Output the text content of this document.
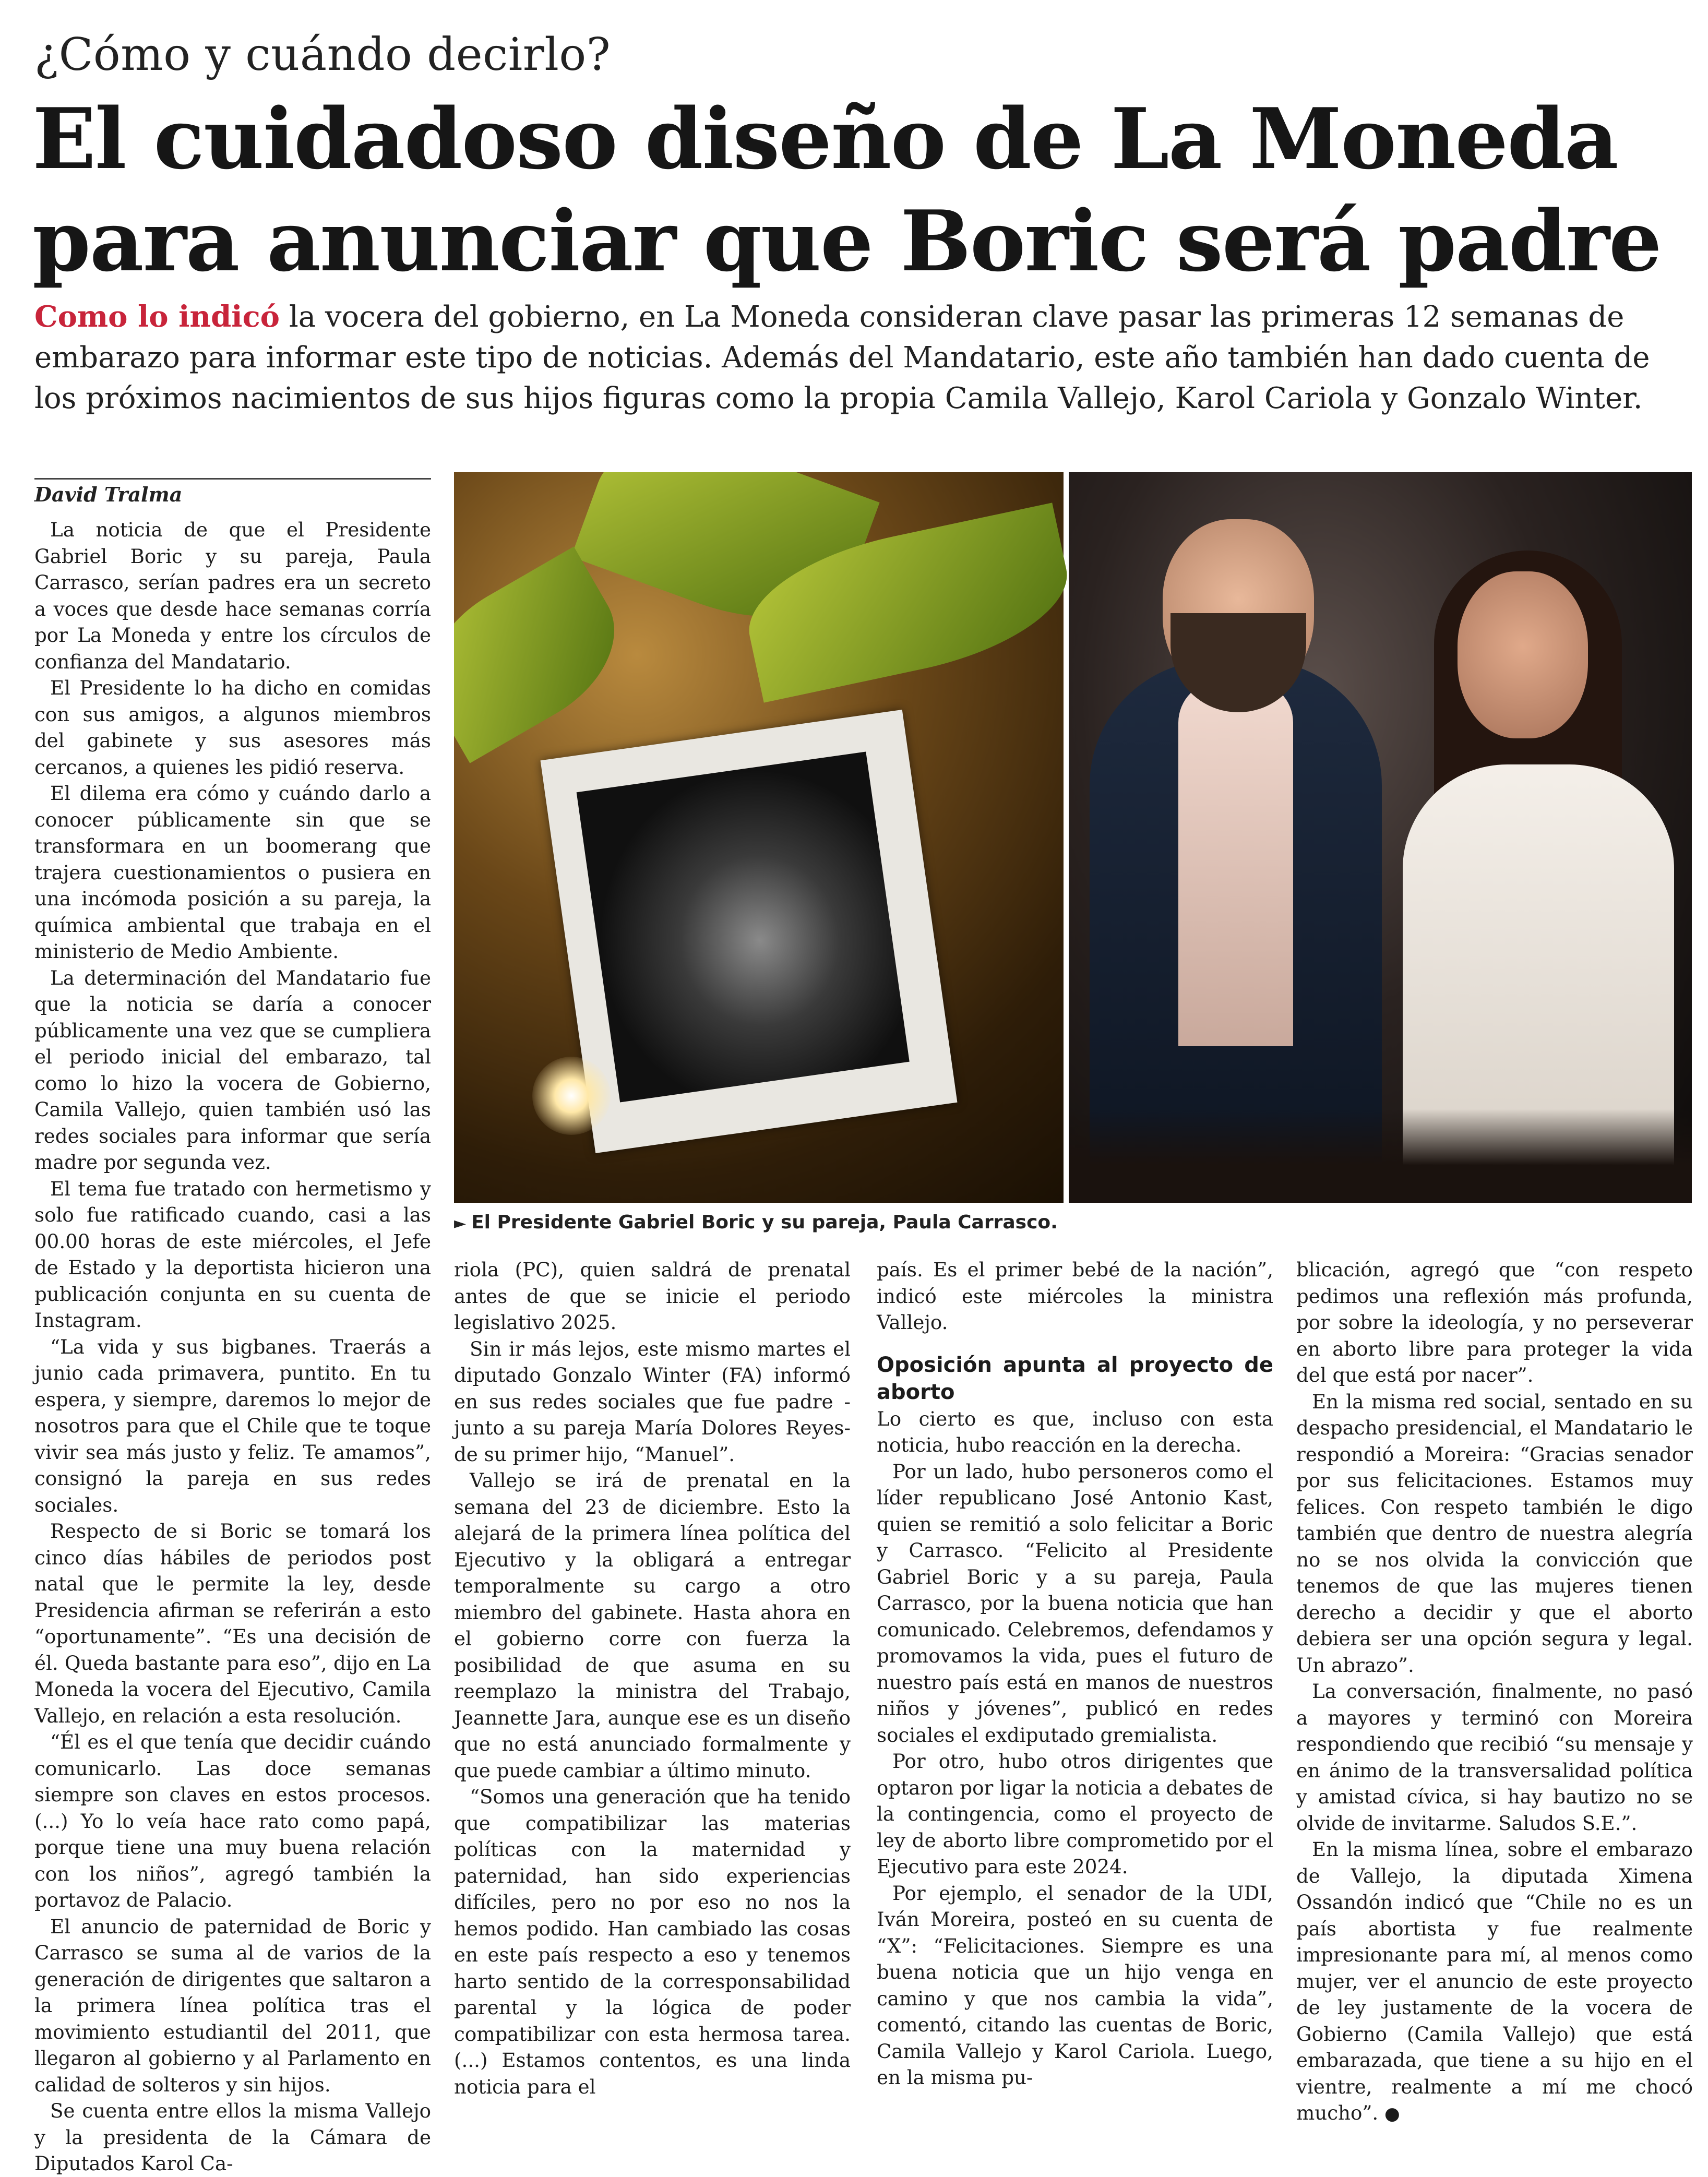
¿Cómo y cuándo decirlo?
El cuidadoso diseño de La Moneda
para anunciar que Boric será padre
Como lo indicó la vocera del gobierno, en La Moneda consideran clave pasar las primeras 12 semanas de embarazo para informar este tipo de noticias. Además del Mandatario, este año también han dado cuenta de los próximos nacimientos de sus hijos figuras como la propia Camila Vallejo, Karol Cariola y Gonzalo Winter.
David Tralma
► El Presidente Gabriel Boric y su pareja, Paula Carrasco.

La noticia de que el Presidente Gabriel Boric y su pareja, Paula Carrasco, serían padres era un secreto a voces que desde hace semanas corría por La Moneda y entre los círculos de confianza del Mandatario.

El Presidente lo ha dicho en comidas con sus amigos, a algunos miembros del gabinete y sus asesores más cercanos, a quienes les pidió reserva.

El dilema era cómo y cuándo darlo a conocer públicamente sin que se transformara en un boomerang que trajera cuestionamientos o pusiera en una incómoda posición a su pareja, la química ambiental que trabaja en el ministerio de Medio Ambiente.

La determinación del Mandatario fue que la noticia se daría a conocer públicamente una vez que se cumpliera el periodo inicial del embarazo, tal como lo hizo la vocera de Gobierno, Camila Vallejo, quien también usó las redes sociales para informar que sería madre por segunda vez.

El tema fue tratado con hermetismo y solo fue ratificado cuando, casi a las 00.00 horas de este miércoles, el Jefe de Estado y la deportista hicieron una publicación conjunta en su cuenta de Instagram.

“La vida y sus bigbanes. Traerás a junio cada primavera, puntito. En tu espera, y siempre, daremos lo mejor de nosotros para que el Chile que te toque vivir sea más justo y feliz. Te amamos”, consignó la pareja en sus redes sociales.

Respecto de si Boric se tomará los cinco días hábiles de periodos post natal que le permite la ley, desde Presidencia afirman se referirán a esto “oportunamente”. “Es una decisión de él. Queda bastante para eso”, dijo en La Moneda la vocera del Ejecutivo, Camila Vallejo, en relación a esta resolución.

“Él es el que tenía que decidir cuándo comunicarlo. Las doce semanas siempre son claves en estos procesos. (...) Yo lo veía hace rato como papá, porque tiene una muy buena relación con los niños”, agregó también la portavoz de Palacio.

El anuncio de paternidad de Boric y Carrasco se suma al de varios de la generación de dirigentes que saltaron a la primera línea política tras el movimiento estudiantil del 2011, que llegaron al gobierno y al Parlamento en calidad de solteros y sin hijos.

Se cuenta entre ellos la misma Vallejo y la presidenta de la Cámara de Diputados Karol Ca-

riola (PC), quien saldrá de prenatal antes de que se inicie el periodo legislativo 2025.

Sin ir más lejos, este mismo martes el diputado Gonzalo Winter (FA) informó en sus redes sociales que fue padre -junto a su pareja María Dolores Reyes- de su primer hijo, “Manuel”.

Vallejo se irá de prenatal en la semana del 23 de diciembre. Esto la alejará de la primera línea política del Ejecutivo y la obligará a entregar temporalmente su cargo a otro miembro del gabinete. Hasta ahora en el gobierno corre con fuerza la posibilidad de que asuma en su reemplazo la ministra del Trabajo, Jeannette Jara, aunque ese es un diseño que no está anunciado formalmente y que puede cambiar a último minuto.

“Somos una generación que ha tenido que compatibilizar las materias políticas con la maternidad y paternidad, han sido experiencias difíciles, pero no por eso no nos la hemos podido. Han cambiado las cosas en este país respecto a eso y tenemos harto sentido de la corresponsabilidad parental y la lógica de poder compatibilizar con esta hermosa tarea. (...) Estamos contentos, es una linda noticia para el

país. Es el primer bebé de la nación”, indicó este miércoles la ministra Vallejo.

Oposición apunta al proyecto de aborto

Lo cierto es que, incluso con esta noticia, hubo reacción en la derecha.

Por un lado, hubo personeros como el líder republicano José Antonio Kast, quien se remitió a solo felicitar a Boric y Carrasco. “Felicito al Presidente Gabriel Boric y a su pareja, Paula Carrasco, por la buena noticia que han comunicado. Celebremos, defendamos y promovamos la vida, pues el futuro de nuestro país está en manos de nuestros niños y jóvenes”, publicó en redes sociales el exdiputado gremialista.

Por otro, hubo otros dirigentes que optaron por ligar la noticia a debates de la contingencia, como el proyecto de ley de aborto libre comprometido por el Ejecutivo para este 2024.

Por ejemplo, el senador de la UDI, Iván Moreira, posteó en su cuenta de “X”: “Felicitaciones. Siempre es una buena noticia que un hijo venga en camino y que nos cambia la vida”, comentó, citando las cuentas de Boric, Camila Vallejo y Karol Cariola. Luego, en la misma pu-

blicación, agregó que “con respeto pedimos una reflexión más profunda, por sobre la ideología, y no perseverar en aborto libre para proteger la vida del que está por nacer”.

En la misma red social, sentado en su despacho presidencial, el Mandatario le respondió a Moreira: “Gracias senador por sus felicitaciones. Estamos muy felices. Con respeto también le digo también que dentro de nuestra alegría no se nos olvida la convicción que tenemos de que las mujeres tienen derecho a decidir y que el aborto debiera ser una opción segura y legal. Un abrazo”.

La conversación, finalmente, no pasó a mayores y terminó con Moreira respondiendo que recibió “su mensaje y en ánimo de la transversalidad política y amistad cívica, si hay bautizo no se olvide de invitarme. Saludos S.E.”.

En la misma línea, sobre el embarazo de Vallejo, la diputada Ximena Ossandón indicó que “Chile no es un país abortista y fue realmente impresionante para mí, al menos como mujer, ver el anuncio de este proyecto de ley justamente de la vocera de Gobierno (Camila Vallejo) que está embarazada, que tiene a su hijo en el vientre, realmente a mí me chocó mucho”. ●
